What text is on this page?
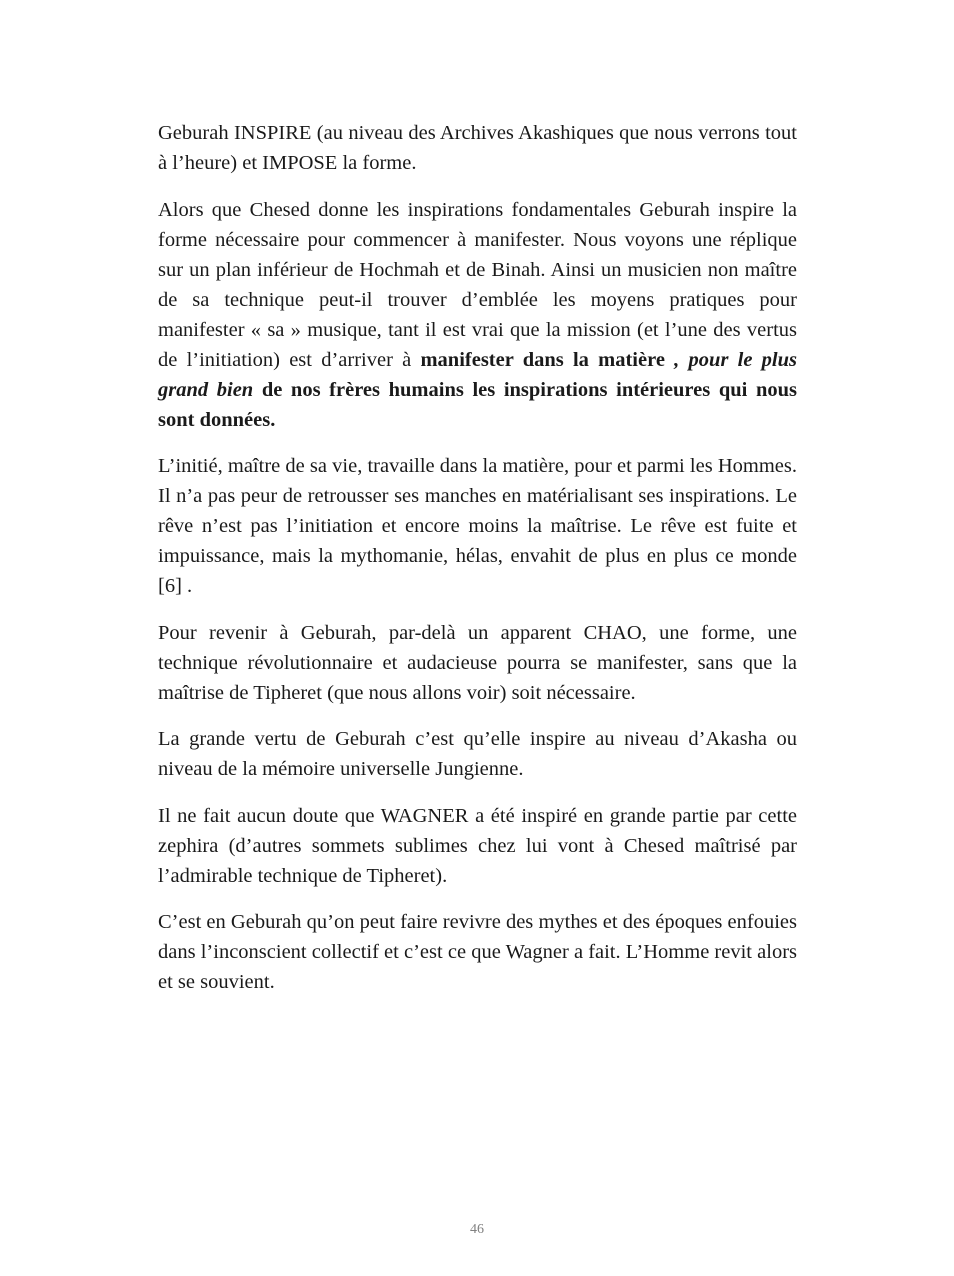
Geburah INSPIRE (au niveau des Archives Akashiques que nous verrons tout à l’heure) et IMPOSE la forme.

Alors que Chesed donne les inspirations fondamentales Geburah inspire la forme nécessaire pour commencer à manifester. Nous voyons une réplique sur un plan inférieur de Hochmah et de Binah. Ainsi un musicien non maître de sa technique peut-il trouver d’emblée les moyens pratiques pour manifester « sa » musique, tant il est vrai que la mission (et l’une des vertus de l’initiation) est d’arriver à manifester dans la matière , pour le plus grand bien de nos frères humains les inspirations intérieures qui nous sont données.

L’initié, maître de sa vie, travaille dans la matière, pour et parmi les Hommes. Il n’a pas peur de retrousser ses manches en matérialisant ses inspirations. Le rêve n’est pas l’initiation et encore moins la maîtrise. Le rêve est fuite et impuissance, mais la mythomanie, hélas, envahit de plus en plus ce monde [6] .

Pour revenir à Geburah, par-delà un apparent CHAO, une forme, une technique révolutionnaire et audacieuse pourra se manifester, sans que la maîtrise de Tipheret (que nous allons voir) soit nécessaire.

La grande vertu de Geburah c’est qu’elle inspire au niveau d’Akasha ou niveau de la mémoire universelle Jungienne.

Il ne fait aucun doute que WAGNER a été inspiré en grande partie par cette zephira (d’autres sommets sublimes chez lui vont à Chesed maîtrisé par l’admirable technique de Tipheret).

C’est en Geburah qu’on peut faire revivre des mythes et des époques enfouies dans l’inconscient collectif et c’est ce que Wagner a fait. L’Homme revit alors et se souvient.

46
